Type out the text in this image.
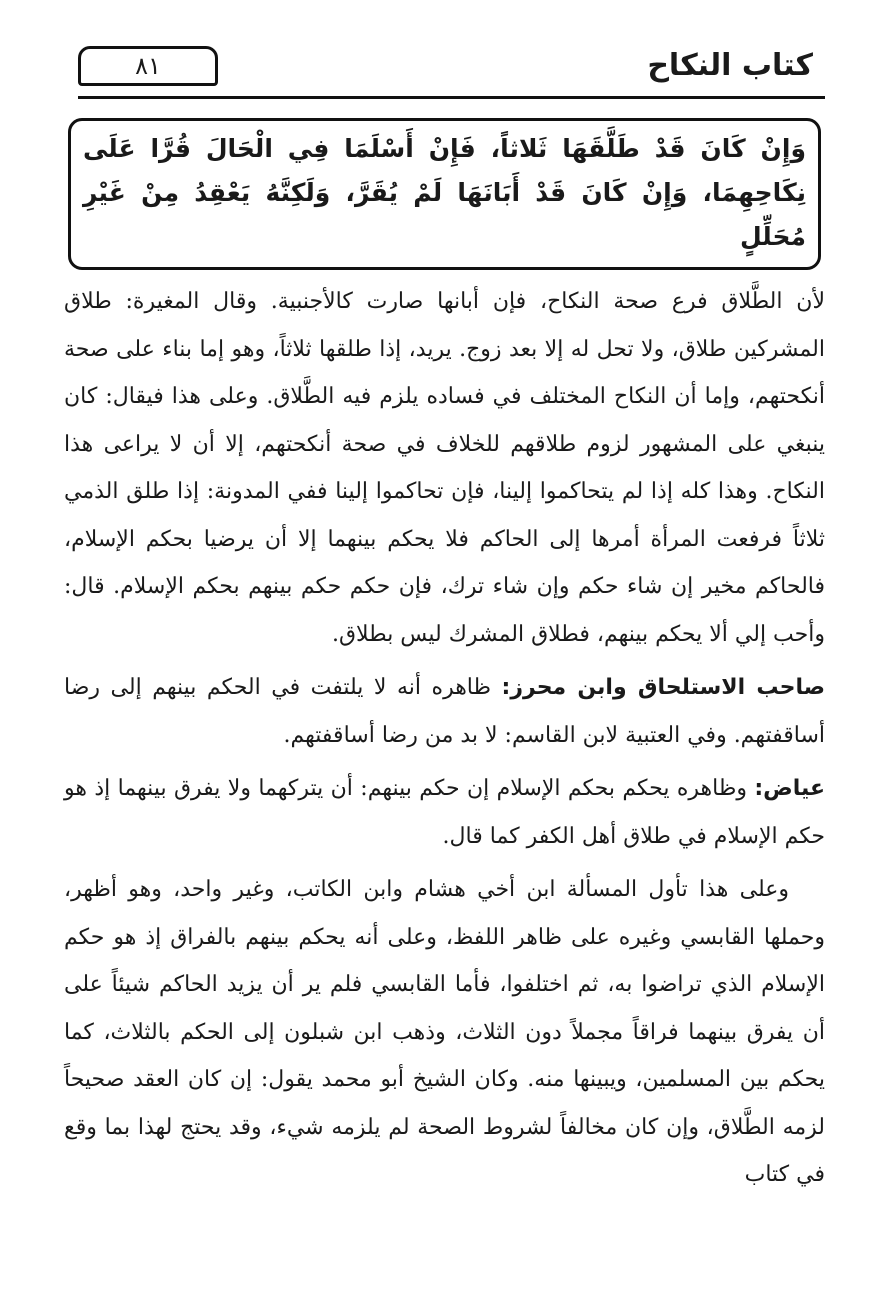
كتاب النكاح
٨١
وَإِنْ كَانَ قَدْ طَلَّقَهَا ثَلاثاً، فَإِنْ أَسْلَمَا فِي الْحَالَ قُرَّا عَلَى نِكَاحِهِمَا، وَإِنْ كَانَ قَدْ أَبَانَهَا لَمْ يُقَرَّ، وَلَكِنَّهُ يَعْقِدُ مِنْ غَيْرِ مُحَلِّلٍ

لأن الطَّلاق فرع صحة النكاح، فإن أبانها صارت كالأجنبية. وقال المغيرة: طلاق المشركين طلاق، ولا تحل له إلا بعد زوج. يريد، إذا طلقها ثلاثاً، وهو إما بناء على صحة أنكحتهم، وإما أن النكاح المختلف في فساده يلزم فيه الطَّلاق. وعلى هذا فيقال: كان ينبغي على المشهور لزوم طلاقهم للخلاف في صحة أنكحتهم، إلا أن لا يراعى هذا النكاح. وهذا كله إذا لم يتحاكموا إلينا، فإن تحاكموا إلينا ففي المدونة: إذا طلق الذمي ثلاثاً فرفعت المرأة أمرها إلى الحاكم فلا يحكم بينهما إلا أن يرضيا بحكم الإسلام، فالحاكم مخير إن شاء حكم وإن شاء ترك، فإن حكم حكم بينهم بحكم الإسلام. قال: وأحب إلي ألا يحكم بينهم، فطلاق المشرك ليس بطلاق.

صاحب الاستلحاق وابن محرز: ظاهره أنه لا يلتفت في الحكم بينهم إلى رضا أساقفتهم. وفي العتبية لابن القاسم: لا بد من رضا أساقفتهم.

عياض: وظاهره يحكم بحكم الإسلام إن حكم بينهم: أن يتركهما ولا يفرق بينهما إذ هو حكم الإسلام في طلاق أهل الكفر كما قال.

وعلى هذا تأول المسألة ابن أخي هشام وابن الكاتب، وغير واحد، وهو أظهر، وحملها القابسي وغيره على ظاهر اللفظ، وعلى أنه يحكم بينهم بالفراق إذ هو حكم الإسلام الذي تراضوا به، ثم اختلفوا، فأما القابسي فلم ير أن يزيد الحاكم شيئاً على أن يفرق بينهما فراقاً مجملاً دون الثلاث، وذهب ابن شبلون إلى الحكم بالثلاث، كما يحكم بين المسلمين، ويبينها منه. وكان الشيخ أبو محمد يقول: إن كان العقد صحيحاً لزمه الطَّلاق، وإن كان مخالفاً لشروط الصحة لم يلزمه شيء، وقد يحتج لهذا بما وقع في كتاب
